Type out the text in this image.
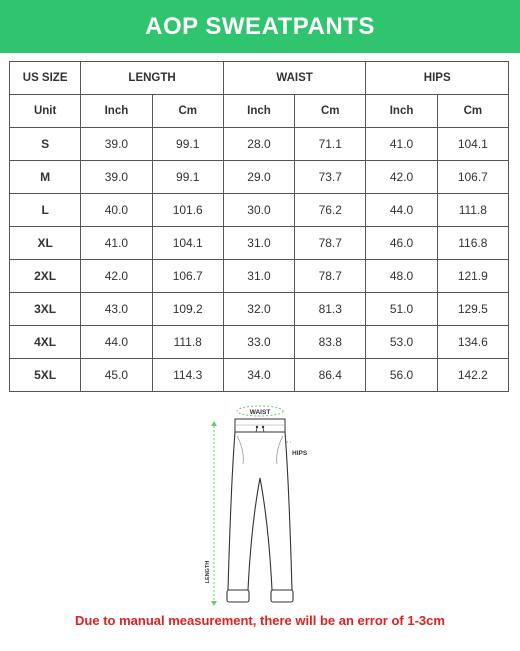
AOP SWEATPANTS
US SIZE	LENGTH		WAIST		HIPS	
Unit	Inch	Cm	Inch	Cm	Inch	Cm
S	39.0	99.1	28.0	71.1	41.0	104.1
M	39.0	99.1	29.0	73.7	42.0	106.7
L	40.0	101.6	30.0	76.2	44.0	111.8
XL	41.0	104.1	31.0	78.7	46.0	116.8
2XL	42.0	106.7	31.0	78.7	48.0	121.9
3XL	43.0	109.2	32.0	81.3	51.0	129.5
4XL	44.0	111.8	33.0	83.8	53.0	134.6
5XL	45.0	114.3	34.0	86.4	56.0	142.2
WAIST
LENGTH
HIPS
Due to manual measurement, there will be an error of 1-3cm
